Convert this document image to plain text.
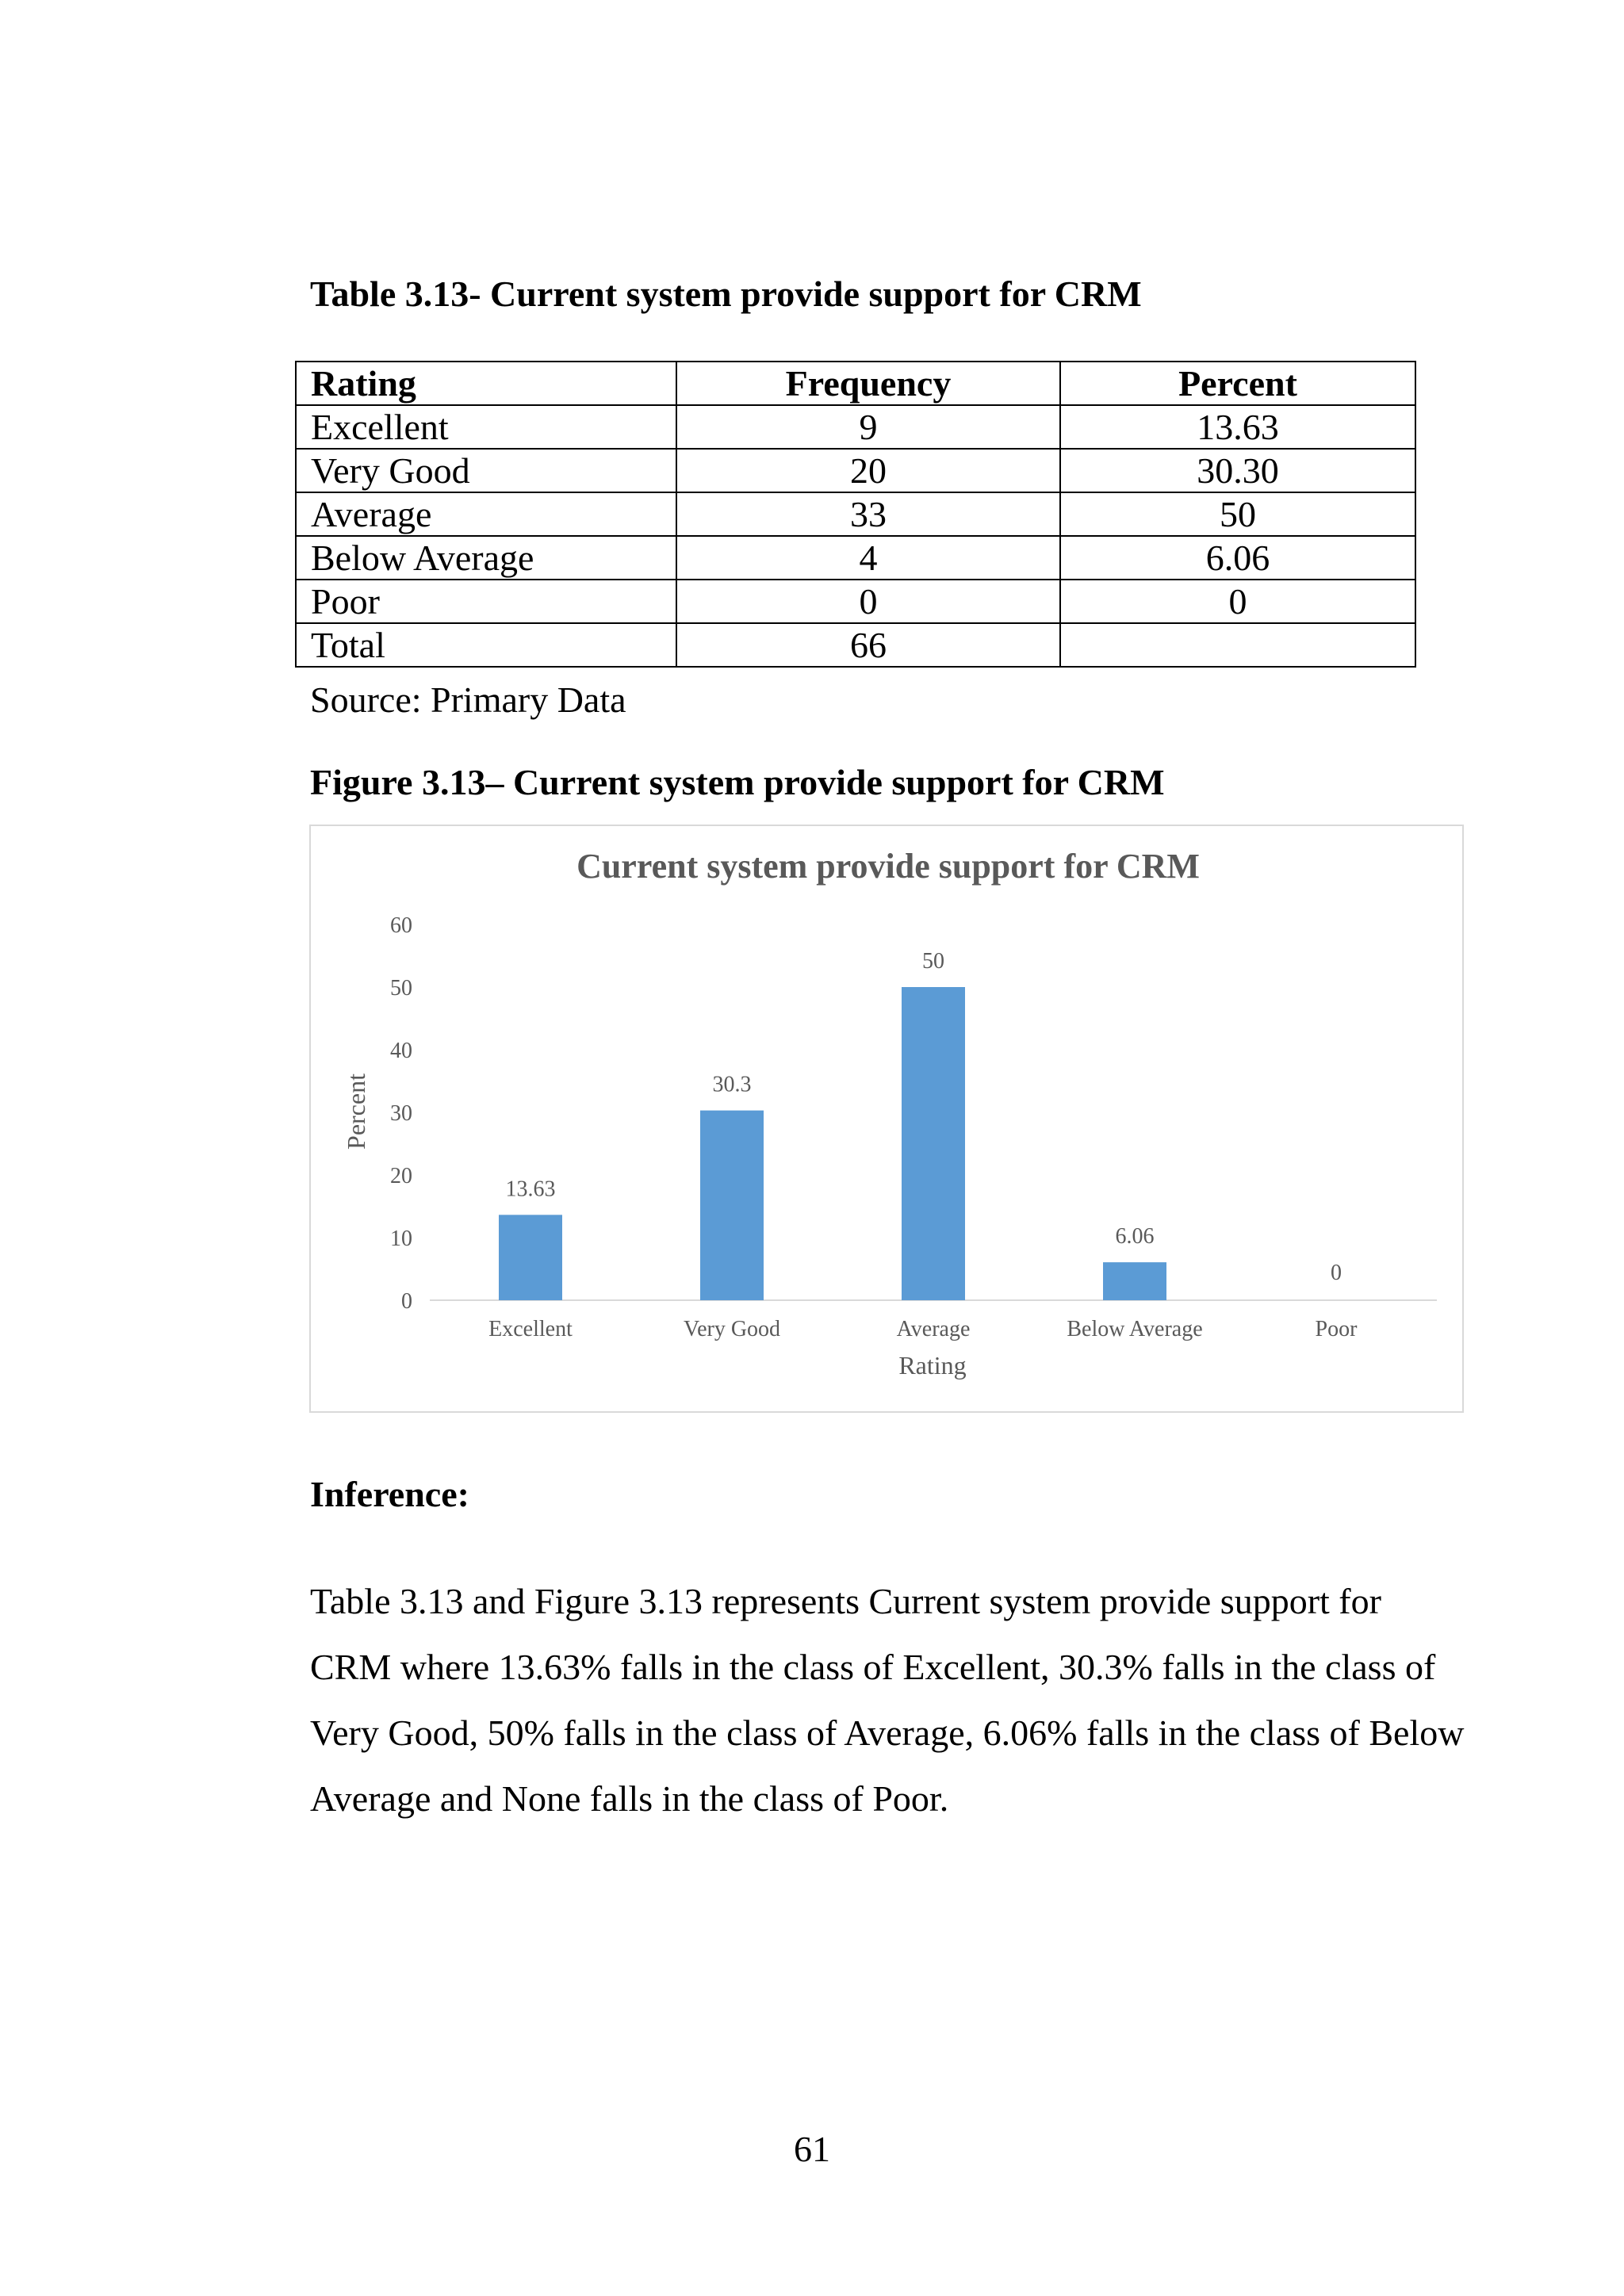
Table 3.13- Current system provide support for CRM
Rating	Frequency	Percent
Excellent	9	13.63
Very Good	20	30.30
Average	33	50
Below Average	4	6.06
Poor	0	0
Total	66	
Source: Primary Data
Figure 3.13– Current system provide support for CRM
Current system provide support for CRM
0
10
20
30
40
50
60
13.63
30.3
50
6.06
0
Excellent	Very Good	Average	Below Average	Poor
Rating
Percent
Inference:

Table 3.13 and Figure 3.13 represents Current system provide support for CRM where 13.63% falls in the class of Excellent, 30.3% falls in the class of Very Good, 50% falls in the class of Average, 6.06% falls in the class of Below Average and None falls in the class of Poor.

61
